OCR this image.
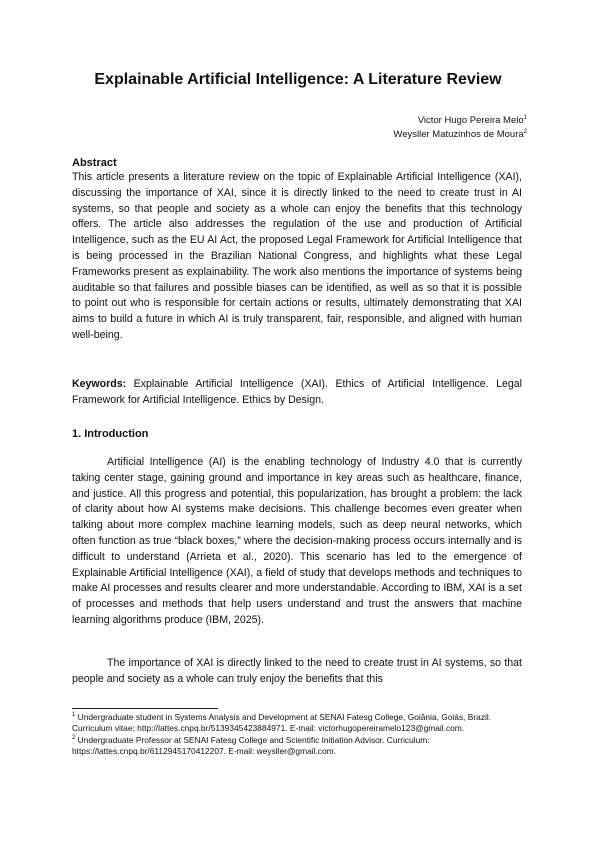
Explainable Artificial Intelligence: A Literature Review
Victor Hugo Pereira Melo$^1$
Weysller Matuzinhos de Moura$^2$
Abstract
This article presents a literature review on the topic of Explainable Artificial Intelligence (XAI), discussing the importance of XAI, since it is directly linked to the need to create trust in AI systems, so that people and society as a whole can enjoy the benefits that this technology offers. The article also addresses the regulation of the use and production of Artificial Intelligence, such as the EU AI Act, the proposed Legal Framework for Artificial Intelligence that is being processed in the Brazilian National Congress, and highlights what these Legal Frameworks present as explainability. The work also mentions the importance of systems being auditable so that failures and possible biases can be identified, as well as so that it is possible to point out who is responsible for certain actions or results, ultimately demonstrating that XAI aims to build a future in which AI is truly transparent, fair, responsible, and aligned with human well-being.
Keywords: Explainable Artificial Intelligence (XAI). Ethics of Artificial Intelligence. Legal Framework for Artificial Intelligence. Ethics by Design.
1. Introduction
Artificial Intelligence (AI) is the enabling technology of Industry 4.0 that is currently taking center stage, gaining ground and importance in key areas such as healthcare, finance, and justice. All this progress and potential, this popularization, has brought a problem: the lack of clarity about how AI systems make decisions. This challenge becomes even greater when talking about more complex machine learning models, such as deep neural networks, which often function as true “black boxes,” where the decision-making process occurs internally and is difficult to understand (Arrieta et al., 2020). This scenario has led to the emergence of Explainable Artificial Intelligence (XAI), a field of study that develops methods and techniques to make AI processes and results clearer and more understandable. According to IBM, XAI is a set of processes and methods that help users understand and trust the answers that machine learning algorithms produce (IBM, 2025).
The importance of XAI is directly linked to the need to create trust in AI systems, so that people and society as a whole can truly enjoy the benefits that this

$^1$ Undergraduate student in Systems Analysis and Development at SENAI Fatesg College, Goiânia, Goiás, Brazil. Curriculum vitae: http://lattes.cnpq.br/5139345423884971. E-mail: victorhugopereiramelo123@gmail.com.

$^2$ Undergraduate Professor at SENAI Fatesg College and Scientific Initiation Advisor. Curriculum: https://lattes.cnpq.br/6112945170412207. E-mail: weysller@gmail.com.
